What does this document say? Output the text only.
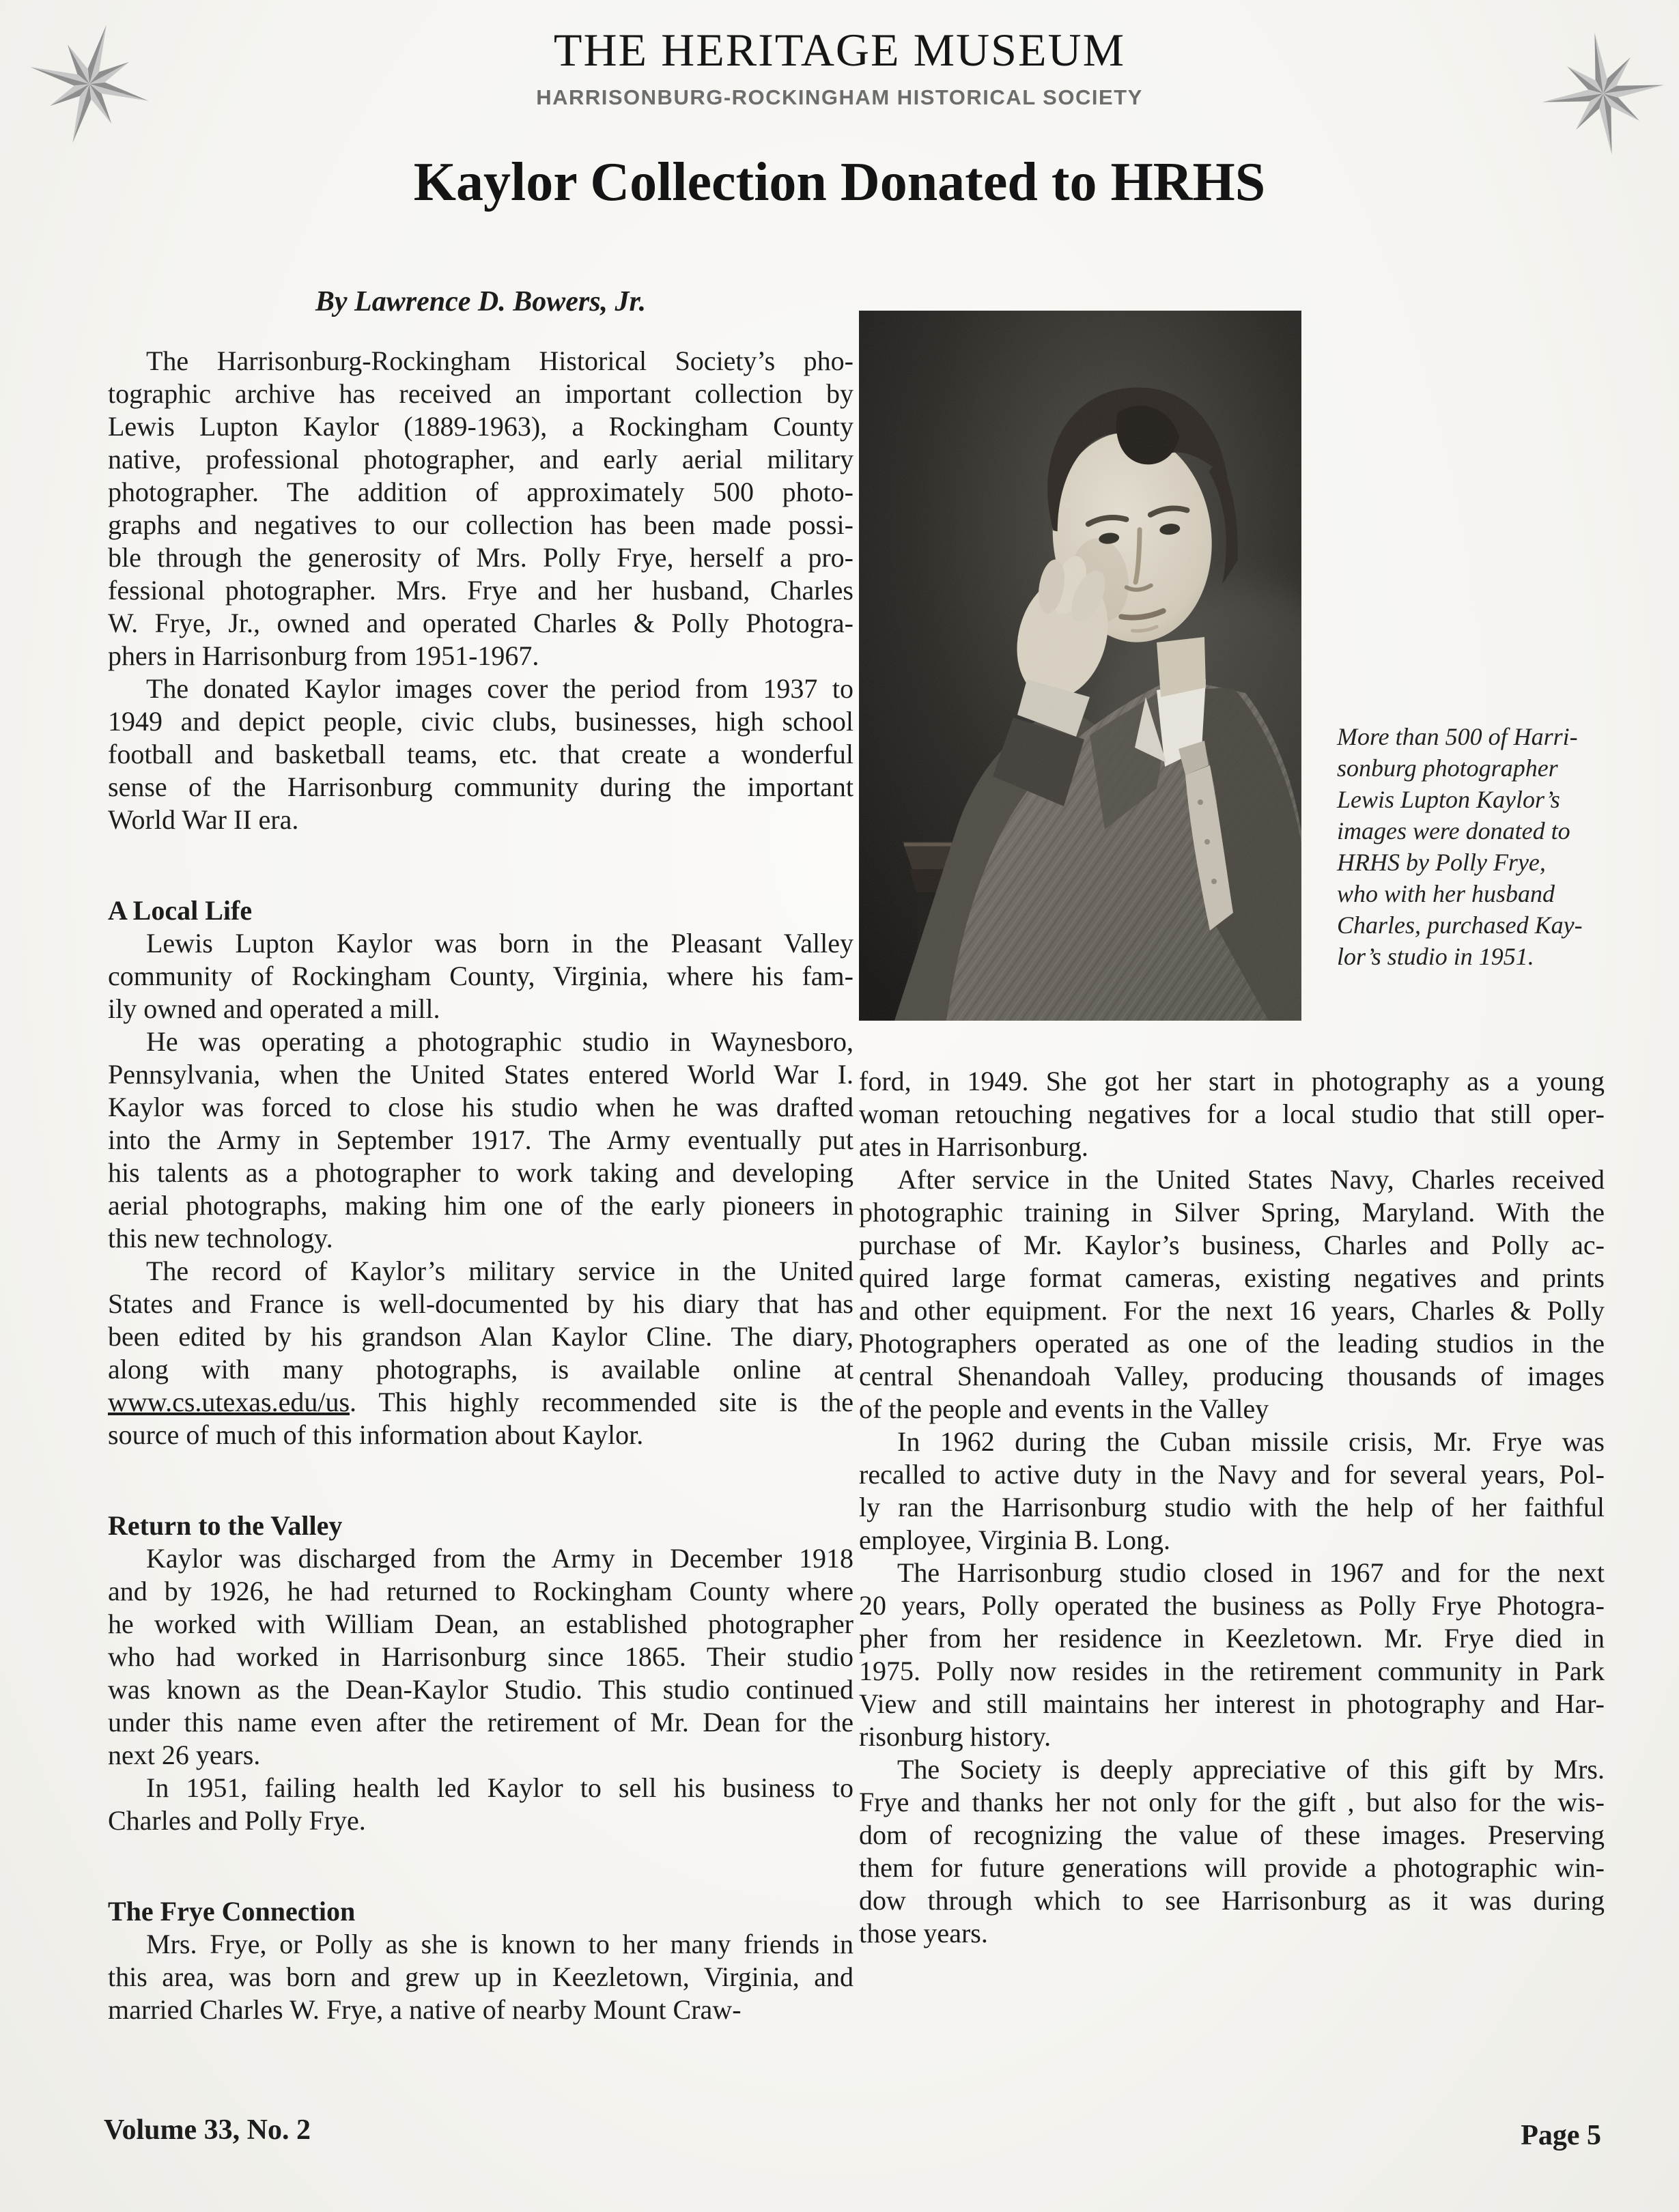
THE HERITAGE MUSEUM
HARRISONBURG-ROCKINGHAM HISTORICAL SOCIETY
Kaylor Collection Donated to HRHS
By Lawrence D. Bowers, Jr.
The Harrisonburg-Rockingham Historical Society’s pho-
tographic archive has received an important collection by
Lewis Lupton Kaylor (1889-1963), a Rockingham County
native, professional photographer, and early aerial military
photographer. The addition of approximately 500 photo-
graphs and negatives to our collection has been made possi-
ble through the generosity of Mrs. Polly Frye, herself a pro-
fessional photographer. Mrs. Frye and her husband, Charles
W. Frye, Jr., owned and operated Charles & Polly Photogra-
phers in Harrisonburg from 1951-1967.
The donated Kaylor images cover the period from 1937 to
1949 and depict people, civic clubs, businesses, high school
football and basketball teams, etc. that create a wonderful
sense of the Harrisonburg community during the important
World War II era.
A Local Life
Lewis Lupton Kaylor was born in the Pleasant Valley
community of Rockingham County, Virginia, where his fam-
ily owned and operated a mill.
He was operating a photographic studio in Waynesboro,
Pennsylvania, when the United States entered World War I.
Kaylor was forced to close his studio when he was drafted
into the Army in September 1917. The Army eventually put
his talents as a photographer to work taking and developing
aerial photographs, making him one of the early pioneers in
this new technology.
The record of Kaylor’s military service in the United
States and France is well-documented by his diary that has
been edited by his grandson Alan Kaylor Cline. The diary,
along with many photographs, is available online at
www.cs.utexas.edu/us. This highly recommended site is the
source of much of this information about Kaylor.
Return to the Valley
Kaylor was discharged from the Army in December 1918
and by 1926, he had returned to Rockingham County where
he worked with William Dean, an established photographer
who had worked in Harrisonburg since 1865. Their studio
was known as the Dean-Kaylor Studio. This studio continued
under this name even after the retirement of Mr. Dean for the
next 26 years.
In 1951, failing health led Kaylor to sell his business to
Charles and Polly Frye.
The Frye Connection
Mrs. Frye, or Polly as she is known to her many friends in
this area, was born and grew up in Keezletown, Virginia, and
married Charles W. Frye, a native of nearby Mount Craw-
More than 500 of Harri-
sonburg photographer
Lewis Lupton Kaylor’s
images were donated to
HRHS by Polly Frye,
who with her husband
Charles, purchased Kay-
lor’s studio in 1951.
ford, in 1949. She got her start in photography as a young
woman retouching negatives for a local studio that still oper-
ates in Harrisonburg.
After service in the United States Navy, Charles received
photographic training in Silver Spring, Maryland. With the
purchase of Mr. Kaylor’s business, Charles and Polly ac-
quired large format cameras, existing negatives and prints
and other equipment. For the next 16 years, Charles & Polly
Photographers operated as one of the leading studios in the
central Shenandoah Valley, producing thousands of images
of the people and events in the Valley
In 1962 during the Cuban missile crisis, Mr. Frye was
recalled to active duty in the Navy and for several years, Pol-
ly ran the Harrisonburg studio with the help of her faithful
employee, Virginia B. Long.
The Harrisonburg studio closed in 1967 and for the next
20 years, Polly operated the business as Polly Frye Photogra-
pher from her residence in Keezletown. Mr. Frye died in
1975. Polly now resides in the retirement community in Park
View and still maintains her interest in photography and Har-
risonburg history.
The Society is deeply appreciative of this gift by Mrs.
Frye and thanks her not only for the gift , but also for the wis-
dom of recognizing the value of these images. Preserving
them for future generations will provide a photographic win-
dow through which to see Harrisonburg as it was during
those years.
Volume 33, No. 2	Page 5
